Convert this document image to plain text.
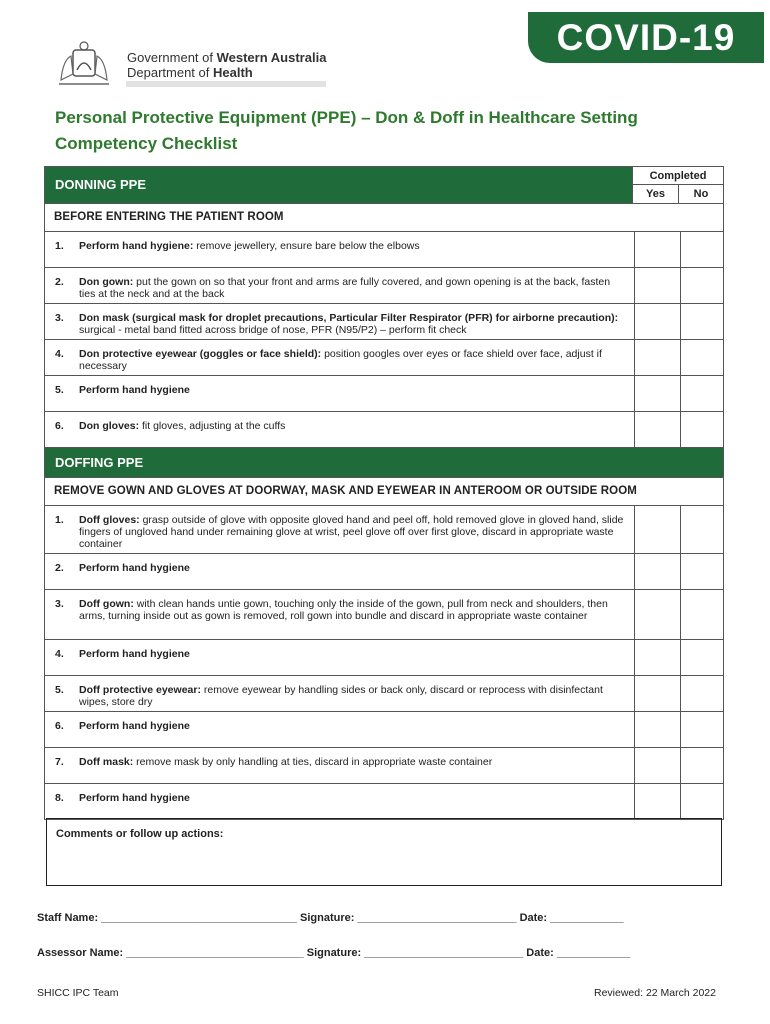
Government of Western Australia
Department of Health
COVID-19
Personal Protective Equipment (PPE) – Don & Doff in Healthcare Setting
Competency Checklist
DONNING PPE
Completed
Yes	No
BEFORE ENTERING THE PATIENT ROOM
1.	Perform hand hygiene: remove jewellery, ensure bare below the elbows
2.	Don gown: put the gown on so that your front and arms are fully covered, and gown opening is at the back, fasten ties at the neck and at the back
3.	Don mask (surgical mask for droplet precautions, Particular Filter Respirator (PFR) for airborne precaution): surgical - metal band fitted across bridge of nose, PFR (N95/P2) – perform fit check
4.	Don protective eyewear (goggles or face shield): position googles over eyes or face shield over face, adjust if necessary
5.	Perform hand hygiene
6.	Don gloves: fit gloves, adjusting at the cuffs
DOFFING PPE
REMOVE GOWN AND GLOVES AT DOORWAY, MASK AND EYEWEAR IN ANTEROOM OR OUTSIDE ROOM
1.	Doff gloves: grasp outside of glove with opposite gloved hand and peel off, hold removed glove in gloved hand, slide fingers of ungloved hand under remaining glove at wrist, peel glove off over first glove, discard in appropriate waste container
2.	Perform hand hygiene
3.	Doff gown: with clean hands untie gown, touching only the inside of the gown, pull from neck and shoulders, then arms, turning inside out as gown is removed, roll gown into bundle and discard in appropriate waste container
4.	Perform hand hygiene
5.	Doff protective eyewear: remove eyewear by handling sides or back only, discard or reprocess with disinfectant wipes, store dry
6.	Perform hand hygiene
7.	Doff mask: remove mask by only handling at ties, discard in appropriate waste container
8.	Perform hand hygiene
Comments or follow up actions:
Staff Name: ________________________________ Signature: __________________________ Date: ____________
Assessor Name: _____________________________ Signature: __________________________ Date: ____________
SHICC IPC Team	Reviewed: 22 March 2022
